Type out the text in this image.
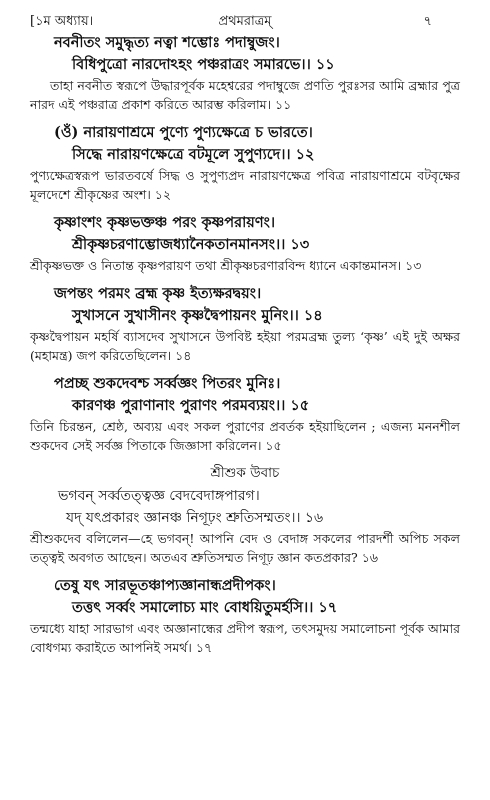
[১ম অধ্যায়।	প্রথমরাত্রম্‌	৭
নবনীতং সমুদ্ধৃত্য নত্বা শম্ভোঃ পদাম্বুজং।
বিধিপুত্রো নারদোঽহং পঞ্চরাত্রং সমারভে।। ১১
তাহা নবনীত স্বরূপে উদ্ধারপূর্বক মহেশ্বরের পদাম্বুজে প্রণতি পুরঃসর আমি ব্রহ্মার পুত্র নারদ এই পঞ্চরাত্র প্রকাশ করিতে আরম্ভ করিলাম। ১১
(ওঁ) নারায়ণাশ্রমে পুণ্যে পুণ্যক্ষেত্রে চ ভারতে।
সিদ্ধে নারায়ণক্ষেত্রে বটমূলে সুপুণ্যদে।। ১২
পুণ্যক্ষেত্রস্বরূপ ভারতবর্ষে সিদ্ধ ও সুপুণ্যপ্রদ নারায়ণক্ষেত্র পবিত্র নারায়ণাশ্রমে বটবৃক্ষের মূলদেশে শ্রীকৃষ্ণের অংশ। ১২
কৃষ্ণাংশং কৃষ্ণভক্তঞ্চ পরং কৃষ্ণপরায়ণং।
শ্রীকৃষ্ণচরণাম্ভোজধ্যানৈকতানমানসং।। ১৩
শ্রীকৃষ্ণভক্ত ও নিতান্ত কৃষ্ণপরায়ণ তথা শ্রীকৃষ্ণচরণারবিন্দ ধ্যানে একান্তমানস। ১৩
জপন্তং পরমং ব্রহ্ম কৃষ্ণ ইত্যক্ষরদ্বয়ং।
সুখাসনে সুখাসীনং কৃষ্ণদ্বৈপায়নং মুনিং।। ১৪
কৃষ্ণদ্বৈপায়ন মহর্ষি ব্যাসদেব সুখাসনে উপবিষ্ট হইয়া পরমব্রহ্ম তুল্য ‘কৃষ্ণ’ এই দুই অক্ষর (মহামন্ত্র) জপ করিতেছিলেন। ১৪
পপ্রচ্ছ শুকদেবশ্চ সর্ব্বজ্ঞং পিতরং মুনিঃ।
কারণঞ্চ পুরাণানাং পুরাণং পরমব্যয়ং।। ১৫
তিনি চিরন্তন, শ্রেষ্ঠ, অব্যয় এবং সকল পুরাণের প্রবর্তক হইয়াছিলেন ; এজন্য মননশীল শুকদেব সেই সর্বজ্ঞ পিতাকে জিজ্ঞাসা করিলেন। ১৫
শ্রীশুক উবাচ
ভগবন্‌ সর্ব্বতত্ত্বজ্ঞ বেদবেদাঙ্গপারগ।
যদ্‌ যৎপ্রকারং জ্ঞানঞ্চ নিগূঢ়ং শ্রুতিসম্মতং।। ১৬
শ্রীশুকদেব বলিলেন—হে ভগবন্‌! আপনি বেদ ও বেদাঙ্গ সকলের পারদর্শী অপিচ সকল তত্ত্বই অবগত আছেন। অতএব শ্রুতিসম্মত নিগূঢ় জ্ঞান কতপ্রকার? ১৬
তেষু যৎ সারভূতঞ্চাপ্যজ্ঞানান্ধপ্রদীপকং।
তত্তৎ সর্ব্বং সমালোচ্য মাং বোধয়িতুমর্হসি।। ১৭
তন্মধ্যে যাহা সারভাগ এবং অজ্ঞানান্ধের প্রদীপ স্বরূপ, তৎসমুদয় সমালোচনা পূর্বক আমার বোধগম্য করাইতে আপনিই সমর্থ। ১৭
